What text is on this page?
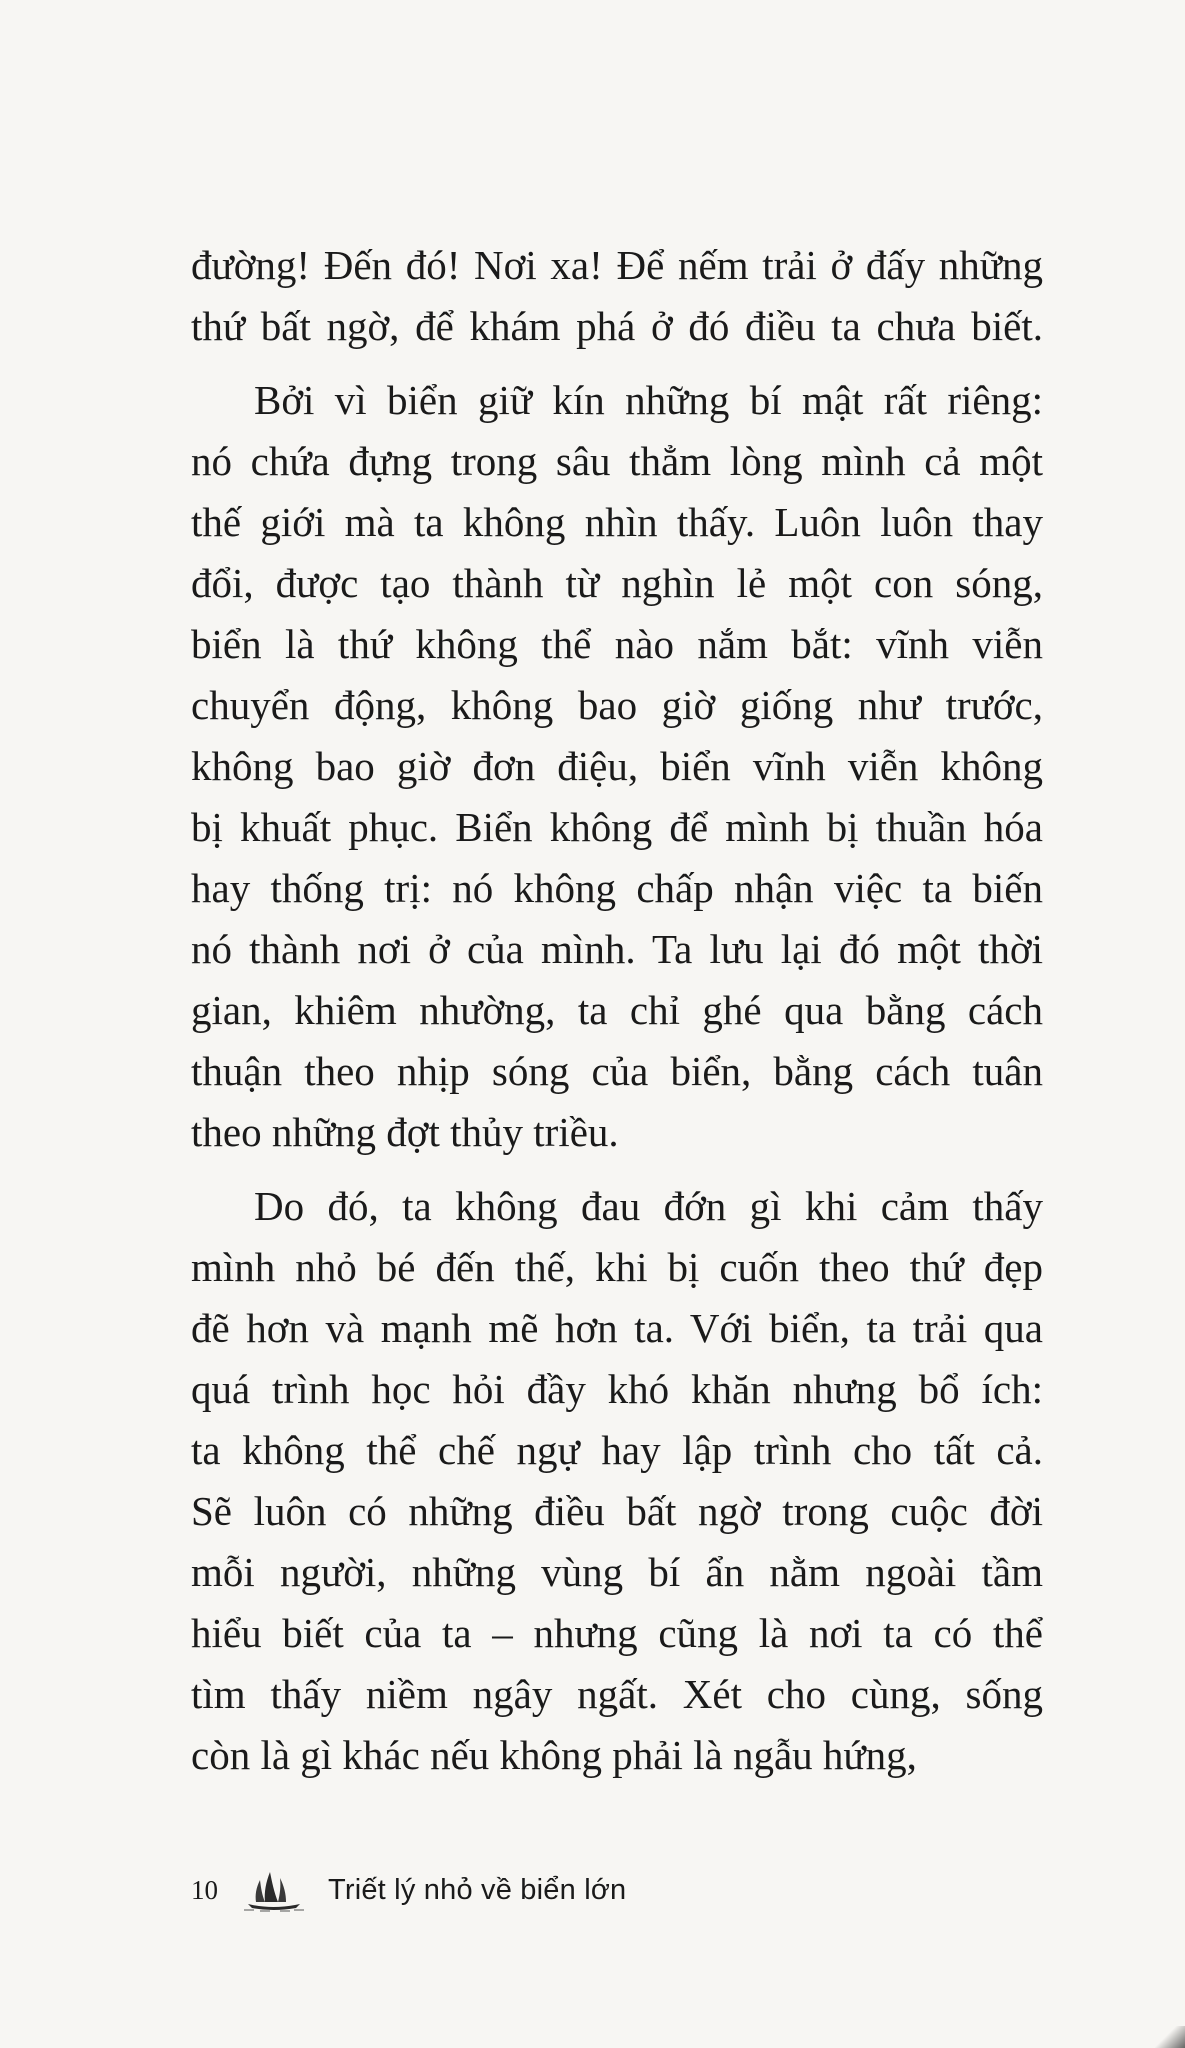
đường! Đến đó! Nơi xa! Để nếm trải ở đấy những
thứ bất ngờ, để khám phá ở đó điều ta chưa biết.
Bởi vì biển giữ kín những bí mật rất riêng:
nó chứa đựng trong sâu thẳm lòng mình cả một
thế giới mà ta không nhìn thấy. Luôn luôn thay
đổi, được tạo thành từ nghìn lẻ một con sóng,
biển là thứ không thể nào nắm bắt: vĩnh viễn
chuyển động, không bao giờ giống như trước,
không bao giờ đơn điệu, biển vĩnh viễn không
bị khuất phục. Biển không để mình bị thuần hóa
hay thống trị: nó không chấp nhận việc ta biến
nó thành nơi ở của mình. Ta lưu lại đó một thời
gian, khiêm nhường, ta chỉ ghé qua bằng cách
thuận theo nhịp sóng của biển, bằng cách tuân
theo những đợt thủy triều.
Do đó, ta không đau đớn gì khi cảm thấy
mình nhỏ bé đến thế, khi bị cuốn theo thứ đẹp
đẽ hơn và mạnh mẽ hơn ta. Với biển, ta trải qua
quá trình học hỏi đầy khó khăn nhưng bổ ích:
ta không thể chế ngự hay lập trình cho tất cả.
Sẽ luôn có những điều bất ngờ trong cuộc đời
mỗi người, những vùng bí ẩn nằm ngoài tầm
hiểu biết của ta – nhưng cũng là nơi ta có thể
tìm thấy niềm ngây ngất. Xét cho cùng, sống
còn là gì khác nếu không phải là ngẫu hứng,
10	Triết lý nhỏ về biển lớn
